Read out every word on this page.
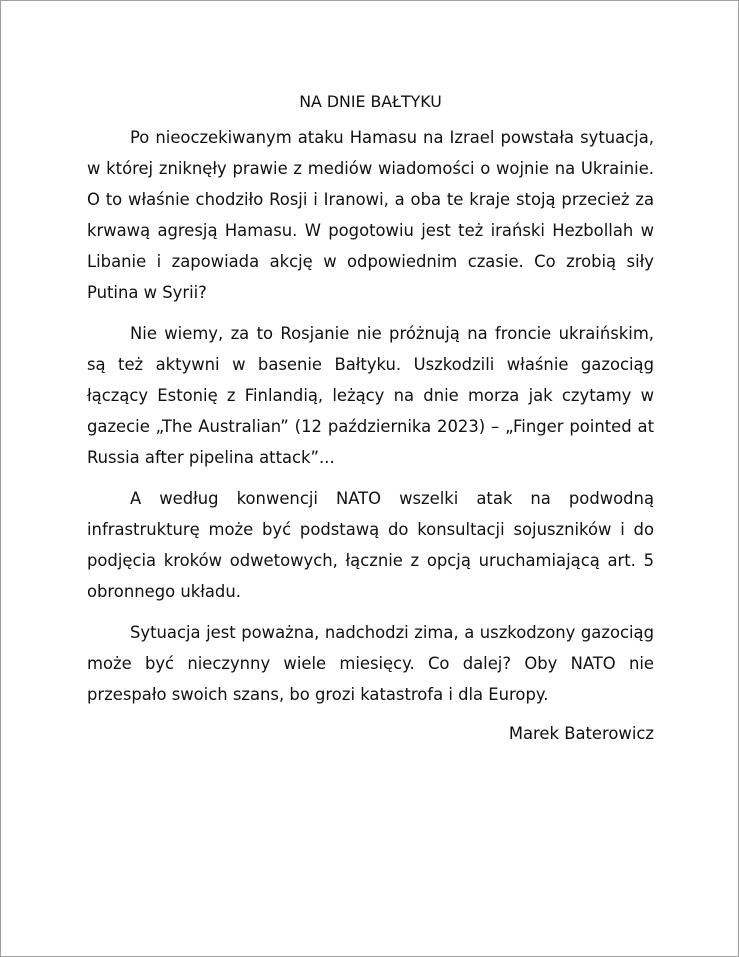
NA DNIE BAŁTYKU

Po nieoczekiwanym ataku Hamasu na Izrael powstała sytuacja, w której zniknęły prawie z mediów wiadomości o wojnie na Ukrainie. O to właśnie chodziło Rosji i Iranowi, a oba te kraje stoją przecież za krwawą agresją Hamasu. W pogotowiu jest też irański Hezbollah w Libanie i zapowiada akcję w odpowiednim czasie. Co zrobią siły Putina w Syrii?

Nie wiemy, za to Rosjanie nie próżnują na froncie ukraińskim, są też aktywni w basenie Bałtyku. Uszkodzili właśnie gazociąg łączący Estonię z Finlandią, leżący na dnie morza jak czytamy w gazecie „The Australian” (12 października 2023) – „Finger pointed at Russia after pipelina attack”...

A według konwencji NATO wszelki atak na podwodną infrastrukturę może być podstawą do konsultacji sojuszników i do podjęcia kroków odwetowych, łącznie z opcją uruchamiającą art. 5 obronnego układu.

Sytuacja jest poważna, nadchodzi zima, a uszkodzony gazociąg może być nieczynny wiele miesięcy. Co dalej? Oby NATO nie przespało swoich szans, bo grozi katastrofa i dla Europy.

Marek Baterowicz
